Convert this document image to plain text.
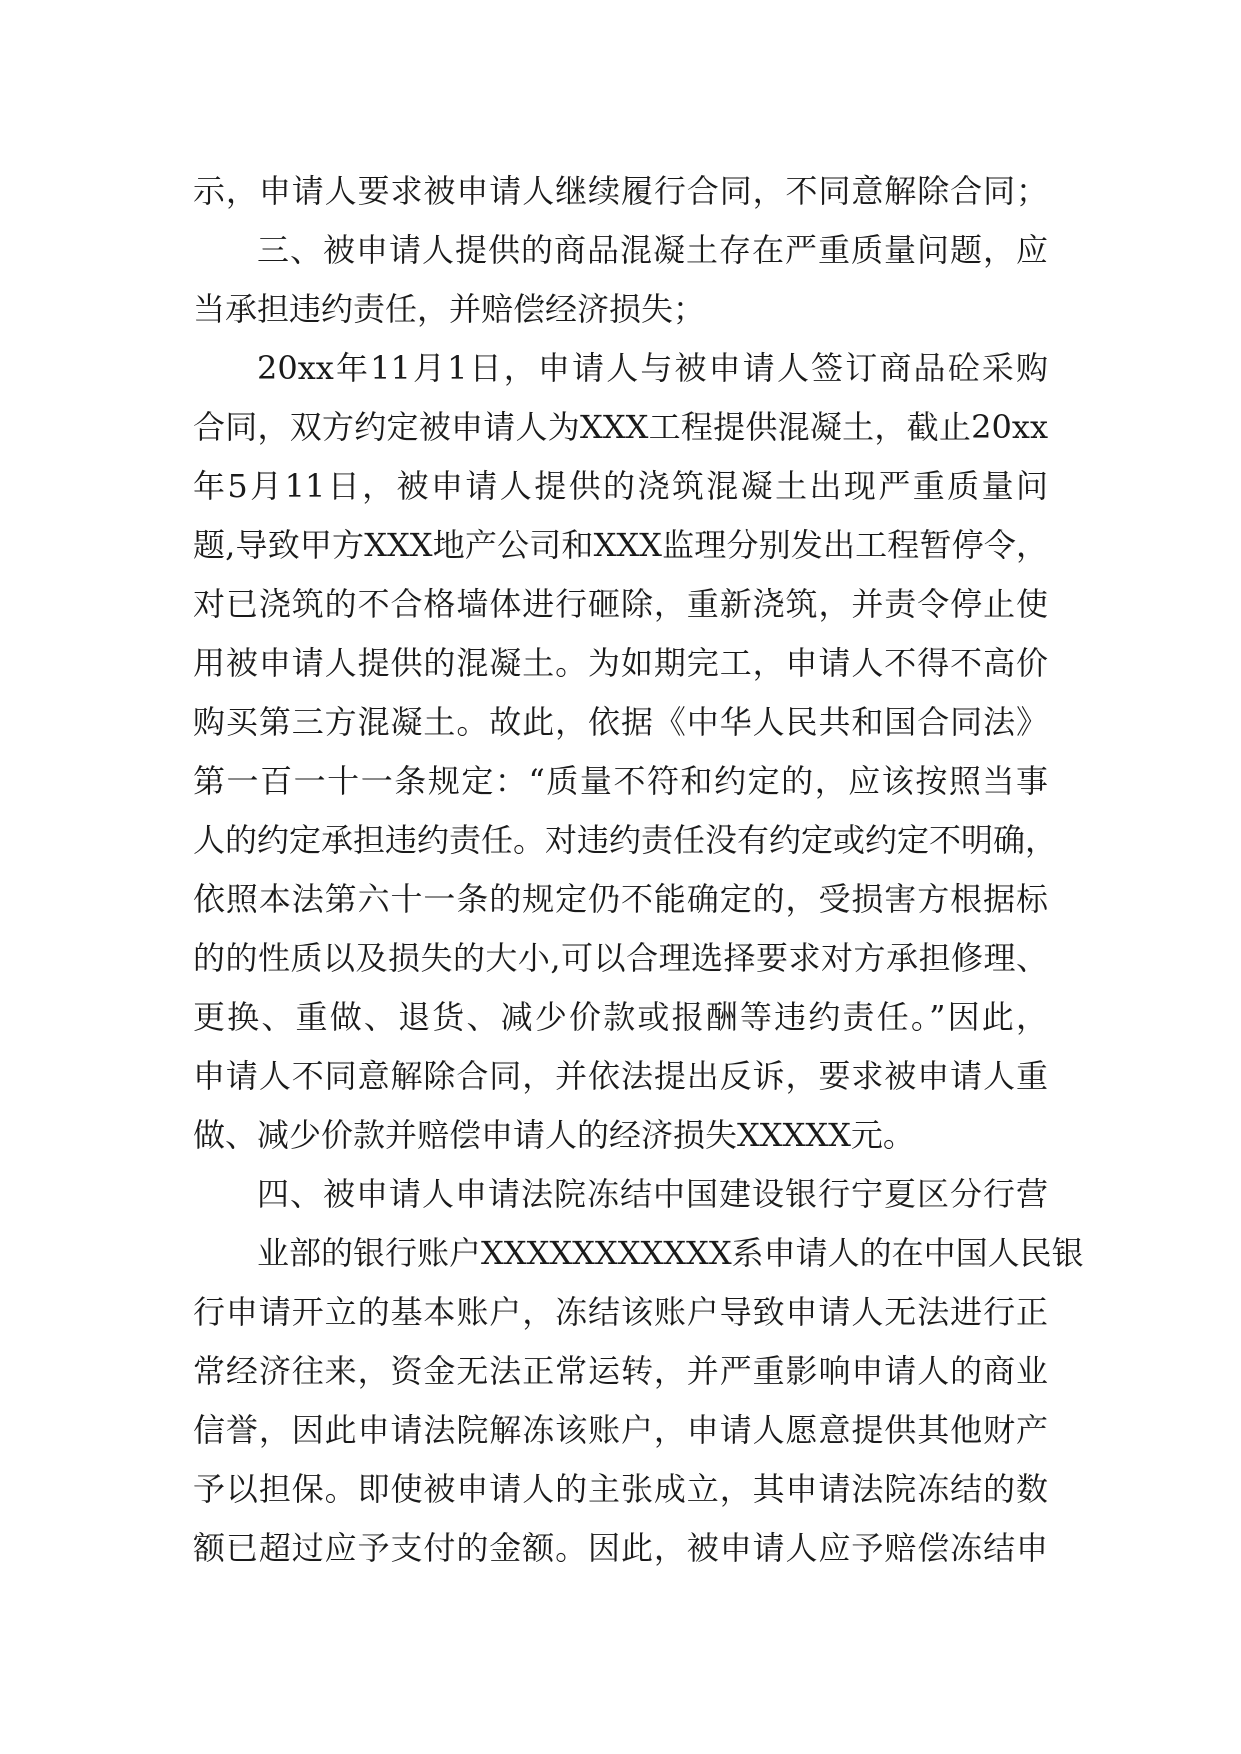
示，申请人要求被申请人继续履行合同，不同意解除合同；
三、被申请人提供的商品混凝土存在严重质量问题，应
当承担违约责任，并赔偿经济损失；
20xx年11月1日，申请人与被申请人签订商品砼采购
合同，双方约定被申请人为XXX工程提供混凝土，截止20xx
年5月11日，被申请人提供的浇筑混凝土出现严重质量问
题,导致甲方XXX地产公司和XXX监理分别发出工程暂停令，
对已浇筑的不合格墙体进行砸除，重新浇筑，并责令停止使
用被申请人提供的混凝土。为如期完工，申请人不得不高价
购买第三方混凝土。故此，依据《中华人民共和国合同法》
第一百一十一条规定：“质量不符和约定的，应该按照当事
人的约定承担违约责任。对违约责任没有约定或约定不明确，
依照本法第六十一条的规定仍不能确定的，受损害方根据标
的的性质以及损失的大小,可以合理选择要求对方承担修理、
更换、重做、退货、减少价款或报酬等违约责任。”因此，
申请人不同意解除合同，并依法提出反诉，要求被申请人重
做、减少价款并赔偿申请人的经济损失XXXXX元。
四、被申请人申请法院冻结中国建设银行宁夏区分行营
业部的银行账户XXXXXXXXXXX系申请人的在中国人民银
行申请开立的基本账户，冻结该账户导致申请人无法进行正
常经济往来，资金无法正常运转，并严重影响申请人的商业
信誉，因此申请法院解冻该账户，申请人愿意提供其他财产
予以担保。即使被申请人的主张成立，其申请法院冻结的数
额已超过应予支付的金额。因此，被申请人应予赔偿冻结申
